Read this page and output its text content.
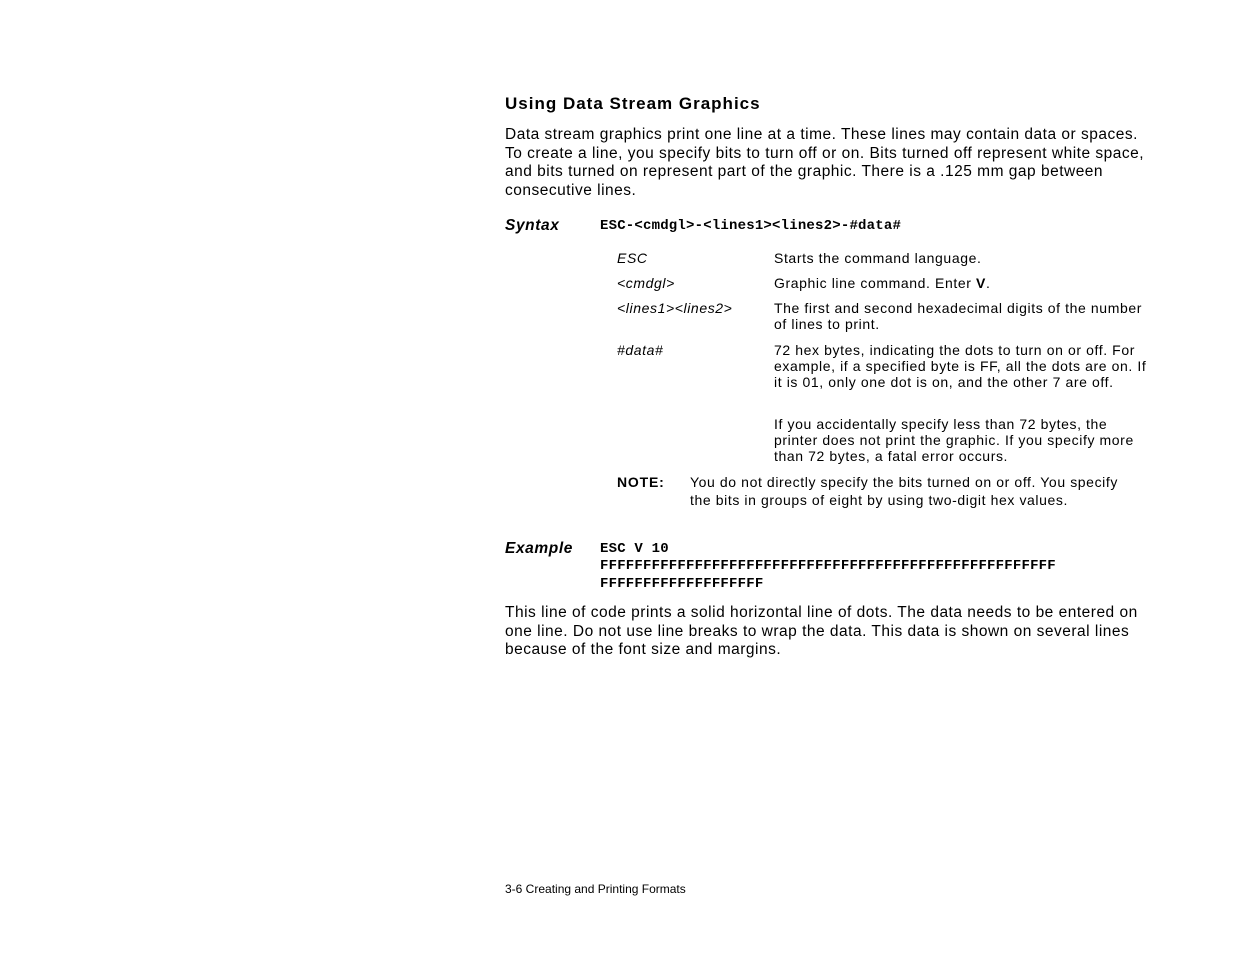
Using Data Stream Graphics
Data stream graphics print one line at a time. These lines may contain data or spaces. To create a line, you specify bits to turn off or on. Bits turned off represent white space, and bits turned on represent part of the graphic. There is a .125 mm gap between consecutive lines.
Syntax	ESC-<cmdgl>-<lines1><lines2>-#data#
ESC	Starts the command language.
<cmdgl>	Graphic line command. Enter V.
<lines1><lines2>	The first and second hexadecimal digits of the number of lines to print.
#data#	72 hex bytes, indicating the dots to turn on or off. For example, if a specified byte is FF, all the dots are on. If it is 01, only one dot is on, and the other 7 are off.
If you accidentally specify less than 72 bytes, the printer does not print the graphic. If you specify more than 72 bytes, a fatal error occurs.
NOTE: You do not directly specify the bits turned on or off. You specify the bits in groups of eight by using two-digit hex values.
Example ESC V 10
FFFFFFFFFFFFFFFFFFFFFFFFFFFFFFFFFFFFFFFFFFFFFFFFFFFFF
FFFFFFFFFFFFFFFFFFF
This line of code prints a solid horizontal line of dots. The data needs to be entered on one line. Do not use line breaks to wrap the data. This data is shown on several lines because of the font size and margins.
3-6 Creating and Printing Formats
